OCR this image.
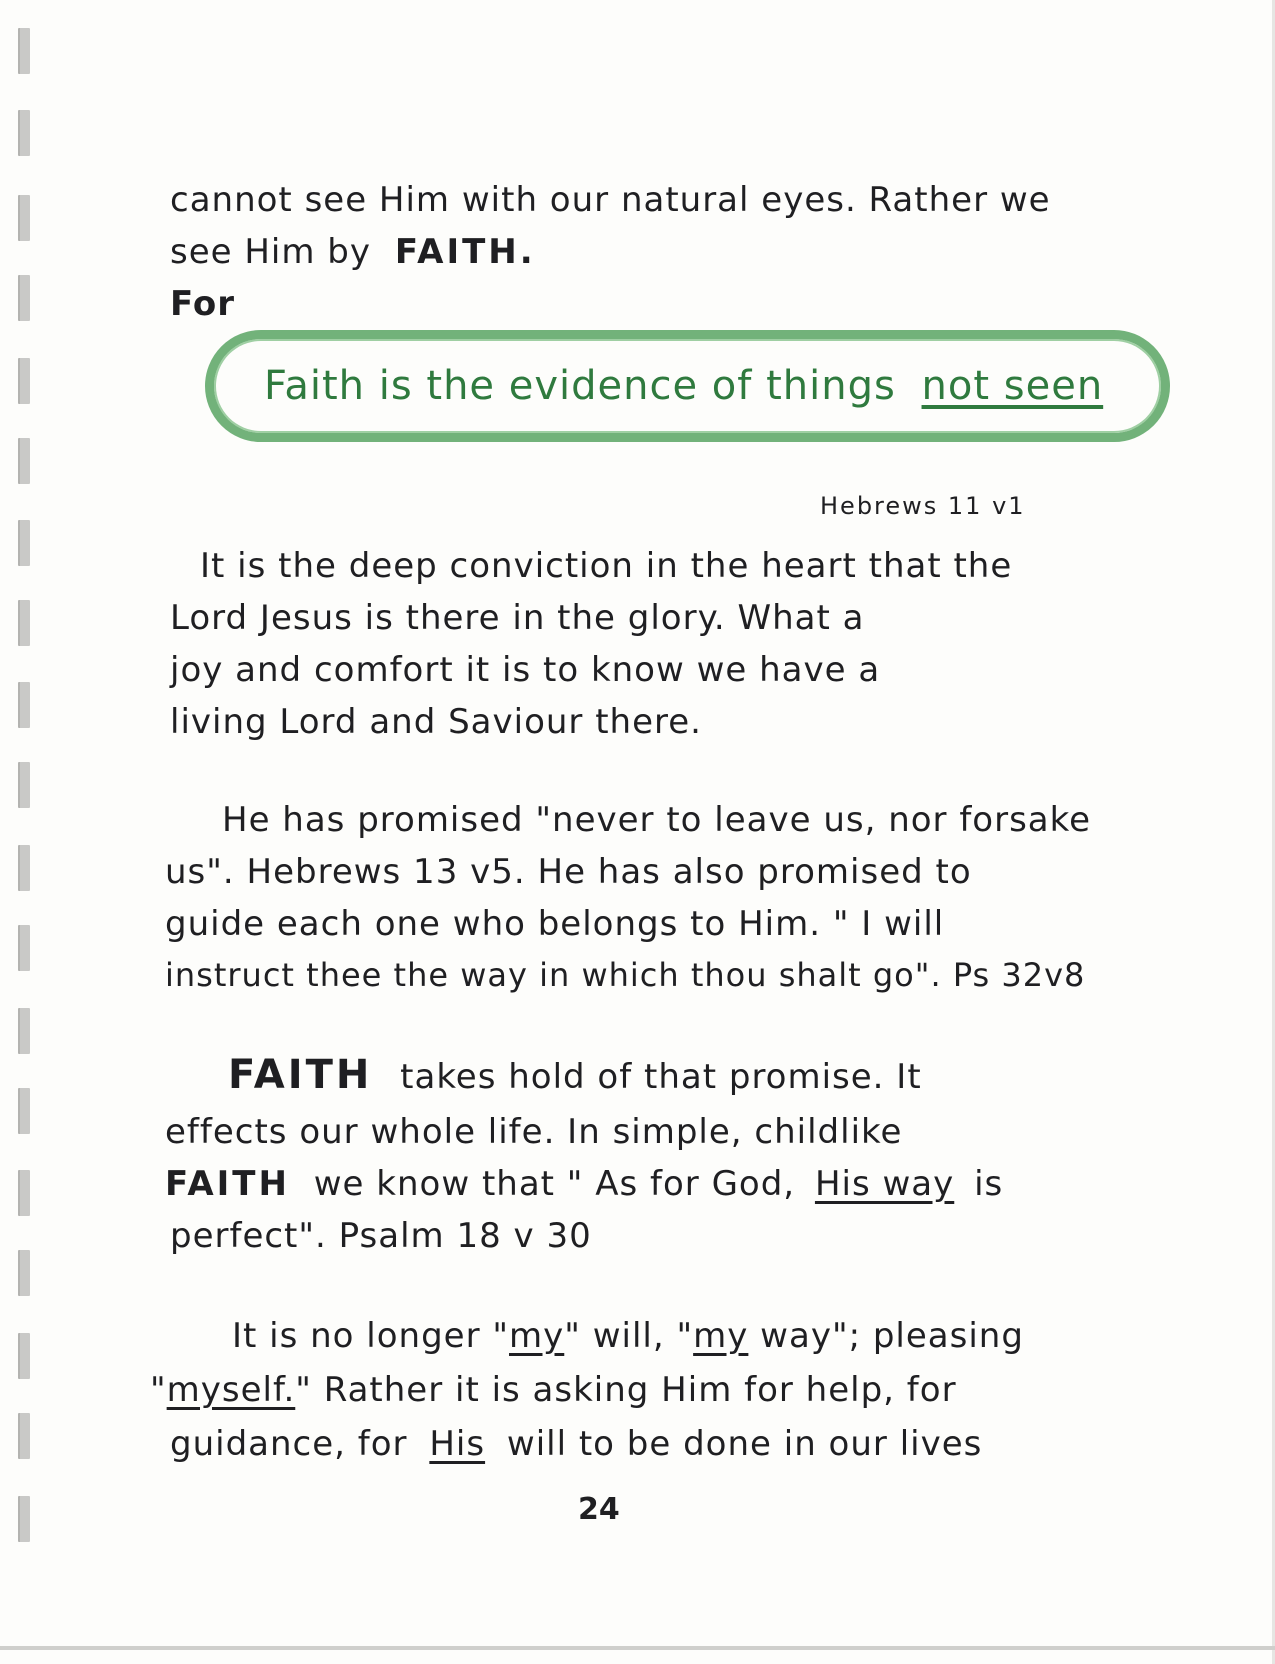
cannot see Him with our natural eyes. Rather we
see Him by FAITH.
For
Faith is the evidence of things not seen
Hebrews 11 v1
It is the deep conviction in the heart that the
Lord Jesus is there in the glory. What a
joy and comfort it is to know we have a
living Lord and Saviour there.
He has promised "never to leave us, nor forsake
us". Hebrews 13 v5. He has also promised to
guide each one who belongs to Him. " I will
instruct thee the way in which thou shalt go". Ps 32v8
FAITH takes hold of that promise. It
effects our whole life. In simple, childlike
FAITH we know that " As for God, His way is
perfect". Psalm 18 v 30
It is no longer "my" will, "my way"; pleasing
"myself." Rather it is asking Him for help, for
guidance, for His will to be done in our lives
24
